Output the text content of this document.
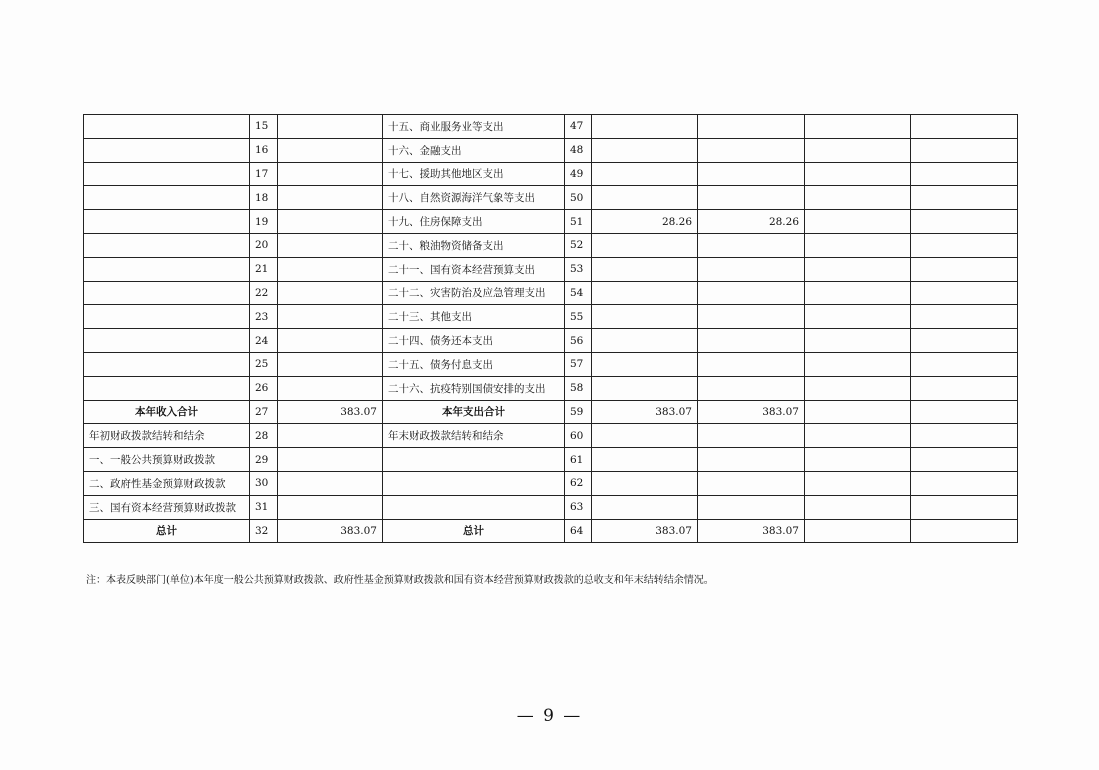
	15		十五、商业服务业等支出	47				
	16		十六、金融支出	48				
	17		十七、援助其他地区支出	49				
	18		十八、自然资源海洋气象等支出	50				
	19		十九、住房保障支出	51	28.26	28.26		
	20		二十、粮油物资储备支出	52				
	21		二十一、国有资本经营预算支出	53				
	22		二十二、灾害防治及应急管理支出	54				
	23		二十三、其他支出	55				
	24		二十四、债务还本支出	56				
	25		二十五、债务付息支出	57				
	26		二十六、抗疫特别国债安排的支出	58				
本年收入合计	27	383.07	本年支出合计	59	383.07	383.07		
年初财政拨款结转和结余	28		年末财政拨款结转和结余	60				
一、一般公共预算财政拨款	29			61				
二、政府性基金预算财政拨款	30			62				
三、国有资本经营预算财政拨款	31			63				
总计	32	383.07	总计	64	383.07	383.07		
注：本表反映部门(单位)本年度一般公共预算财政拨款、政府性基金预算财政拨款和国有资本经营预算财政拨款的总收支和年末结转结余情况。
— 9 —
